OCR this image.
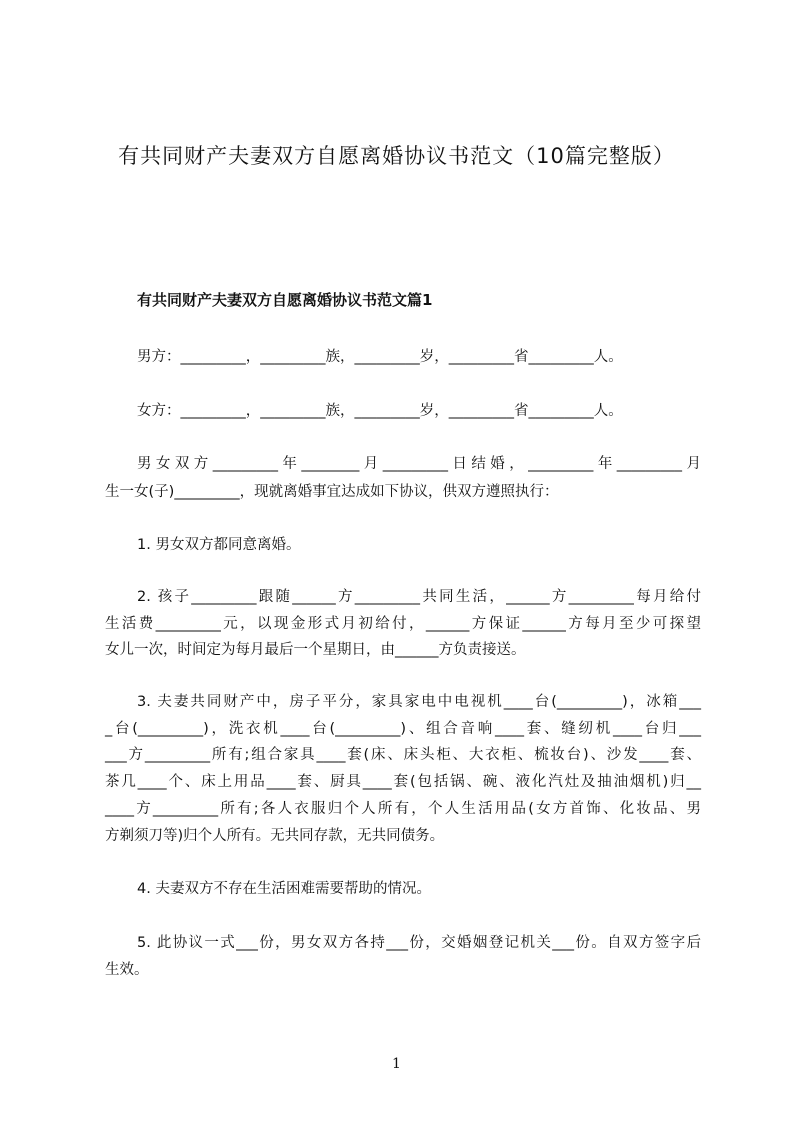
有共同财产夫妻双方自愿离婚协议书范文（10篇完整版）
有共同财产夫妻双方自愿离婚协议书范文篇1
男方：_________，_________族，_________岁，_________省_________人。
女方：_________，_________族，_________岁，_________省_________人。
男女双方_________年________月_________日结婚，_________年_________月
生一女(子)_________，现就离婚事宜达成如下协议，供双方遵照执行：
1. 男女双方都同意离婚。
2. 孩子_________跟随______方_________共同生活，______方_________每月给付
生活费_________元，以现金形式月初给付，______方保证______方每月至少可探望
女儿一次，时间定为每月最后一个星期日，由______方负责接送。
3. 夫妻共同财产中，房子平分，家具家电中电视机____台(_________)，冰箱___
_台(_________)，洗衣机____台(_________)、组合音响____套、缝纫机____台归___
___方_________所有;组合家具____套(床、床头柜、大衣柜、梳妆台)、沙发____套、
茶几____个、床上用品____套、厨具____套(包括锅、碗、液化汽灶及抽油烟机)归__
____方_________所有;各人衣服归个人所有，个人生活用品(女方首饰、化妆品、男
方剃须刀等)归个人所有。无共同存款，无共同债务。
4. 夫妻双方不存在生活困难需要帮助的情况。
5. 此协议一式___份，男女双方各持___份，交婚姻登记机关___份。自双方签字后
生效。
1
